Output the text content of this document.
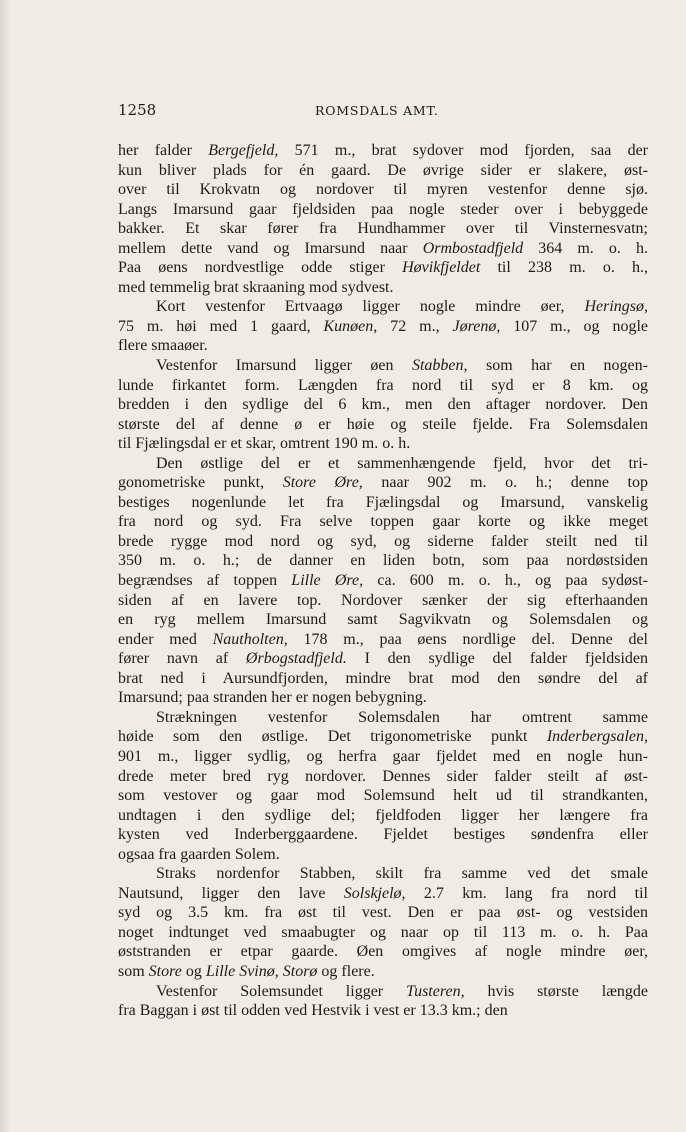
1258	ROMSDALS AMT.
her falder Bergefjeld, 571 m., brat sydover mod fjorden, saa der
kun bliver plads for én gaard. De øvrige sider er slakere, øst-
over til Krokvatn og nordover til myren vestenfor denne sjø.
Langs Imarsund gaar fjeldsiden paa nogle steder over i bebyggede
bakker. Et skar fører fra Hundhammer over til Vinsternesvatn;
mellem dette vand og Imarsund naar Ormbostadfjeld 364 m. o. h.
Paa øens nordvestlige odde stiger Høvikfjeldet til 238 m. o. h.,
med temmelig brat skraaning mod sydvest.
Kort vestenfor Ertvaagø ligger nogle mindre øer, Heringsø,
75 m. høi med 1 gaard, Kunøen, 72 m., Jørenø, 107 m., og nogle
flere smaaøer.
Vestenfor Imarsund ligger øen Stabben, som har en nogen-
lunde firkantet form. Længden fra nord til syd er 8 km. og
bredden i den sydlige del 6 km., men den aftager nordover. Den
største del af denne ø er høie og steile fjelde. Fra Solemsdalen
til Fjælingsdal er et skar, omtrent 190 m. o. h.
Den østlige del er et sammenhængende fjeld, hvor det tri-
gonometriske punkt, Store Øre, naar 902 m. o. h.; denne top
bestiges nogenlunde let fra Fjælingsdal og Imarsund, vanskelig
fra nord og syd. Fra selve toppen gaar korte og ikke meget
brede rygge mod nord og syd, og siderne falder steilt ned til
350 m. o. h.; de danner en liden botn, som paa nordøstsiden
begrændses af toppen Lille Øre, ca. 600 m. o. h., og paa sydøst-
siden af en lavere top. Nordover sænker der sig efterhaanden
en ryg mellem Imarsund samt Sagvikvatn og Solemsdalen og
ender med Nautholten, 178 m., paa øens nordlige del. Denne del
fører navn af Ørbogstadfjeld. I den sydlige del falder fjeldsiden
brat ned i Aursundfjorden, mindre brat mod den søndre del af
Imarsund; paa stranden her er nogen bebygning.
Strækningen vestenfor Solemsdalen har omtrent samme
høide som den østlige. Det trigonometriske punkt Inderbergsalen,
901 m., ligger sydlig, og herfra gaar fjeldet med en nogle hun-
drede meter bred ryg nordover. Dennes sider falder steilt af øst-
som vestover og gaar mod Solemsund helt ud til strandkanten,
undtagen i den sydlige del; fjeldfoden ligger her længere fra
kysten ved Inderberggaardene. Fjeldet bestiges søndenfra eller
ogsaa fra gaarden Solem.
Straks nordenfor Stabben, skilt fra samme ved det smale
Nautsund, ligger den lave Solskjelø, 2.7 km. lang fra nord til
syd og 3.5 km. fra øst til vest. Den er paa øst- og vestsiden
noget indtunget ved smaabugter og naar op til 113 m. o. h. Paa
øststranden er etpar gaarde. Øen omgives af nogle mindre øer,
som Store og Lille Svinø, Storø og flere.
Vestenfor Solemsundet ligger Tusteren, hvis største længde
fra Baggan i øst til odden ved Hestvik i vest er 13.3 km.; den
